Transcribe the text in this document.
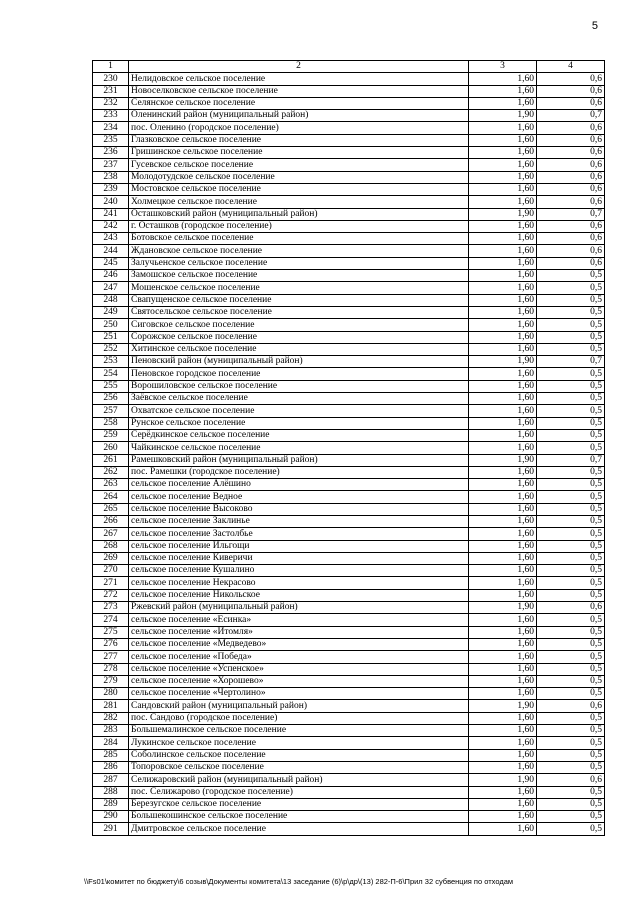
5
1	2	3	4
230	Нелидовское сельское поселение	1,60	0,6
231	Новоселковское сельское поселение	1,60	0,6
232	Селянское сельское поселение	1,60	0,6
233	Оленинский район (муниципальный район)	1,90	0,7
234	пос. Оленино (городское поселение)	1,60	0,6
235	Глазковское сельское поселение	1,60	0,6
236	Гришинское сельское поселение	1,60	0,6
237	Гусевское сельское поселение	1,60	0,6
238	Молодотудское сельское поселение	1,60	0,6
239	Мостовское сельское поселение	1,60	0,6
240	Холмецкое сельское поселение	1,60	0,6
241	Осташковский район (муниципальный район)	1,90	0,7
242	г. Осташков (городское поселение)	1,60	0,6
243	Ботовское сельское поселение	1,60	0,6
244	Ждановское сельское поселение	1,60	0,6
245	Залучьенское сельское поселение	1,60	0,6
246	Замошское сельское поселение	1,60	0,5
247	Мошенское сельское поселение	1,60	0,5
248	Свапущенское сельское поселение	1,60	0,5
249	Святосельское сельское поселение	1,60	0,5
250	Сиговское сельское поселение	1,60	0,5
251	Сорожское сельское поселение	1,60	0,5
252	Хитинское сельское поселение	1,60	0,5
253	Пеновский район (муниципальный район)	1,90	0,7
254	Пеновское городское поселение	1,60	0,5
255	Ворошиловское сельское поселение	1,60	0,5
256	Заёвское сельское поселение	1,60	0,5
257	Охватское сельское поселение	1,60	0,5
258	Рунское сельское поселение	1,60	0,5
259	Серёдкинское сельское поселение	1,60	0,5
260	Чайкинское сельское поселение	1,60	0,5
261	Рамешковский район (муниципальный район)	1,90	0,7
262	пос. Рамешки (городское поселение)	1,60	0,5
263	сельское поселение Алёшино	1,60	0,5
264	сельское поселение Ведное	1,60	0,5
265	сельское поселение Высоково	1,60	0,5
266	сельское поселение Заклинье	1,60	0,5
267	сельское поселение Застолбье	1,60	0,5
268	сельское поселение Ильгощи	1,60	0,5
269	сельское поселение Киверичи	1,60	0,5
270	сельское поселение Кушалино	1,60	0,5
271	сельское поселение Некрасово	1,60	0,5
272	сельское поселение Никольское	1,60	0,5
273	Ржевский район (муниципальный район)	1,90	0,6
274	сельское поселение «Есинка»	1,60	0,5
275	сельское поселение «Итомля»	1,60	0,5
276	сельское поселение «Медведево»	1,60	0,5
277	сельское поселение «Победа»	1,60	0,5
278	сельское поселение «Успенское»	1,60	0,5
279	сельское поселение «Хорошево»	1,60	0,5
280	сельское поселение «Чертолино»	1,60	0,5
281	Сандовский район (муниципальный район)	1,90	0,6
282	пос. Сандово (городское поселение)	1,60	0,5
283	Большемалинское сельское поселение	1,60	0,5
284	Лукинское сельское поселение	1,60	0,5
285	Соболинское сельское поселение	1,60	0,5
286	Топоровское сельское поселение	1,60	0,5
287	Селижаровский район (муниципальный район)	1,90	0,6
288	пос. Селижарово (городское поселение)	1,60	0,5
289	Березугское сельское поселение	1,60	0,5
290	Большекошинское сельское поселение	1,60	0,5
291	Дмитровское сельское поселение	1,60	0,5
\\Fs01\комитет по бюджету\6 созыв\Документы комитета\13 заседание (6)\p\др\(13) 282-П-6\Прил 32 субвенция по отходам
